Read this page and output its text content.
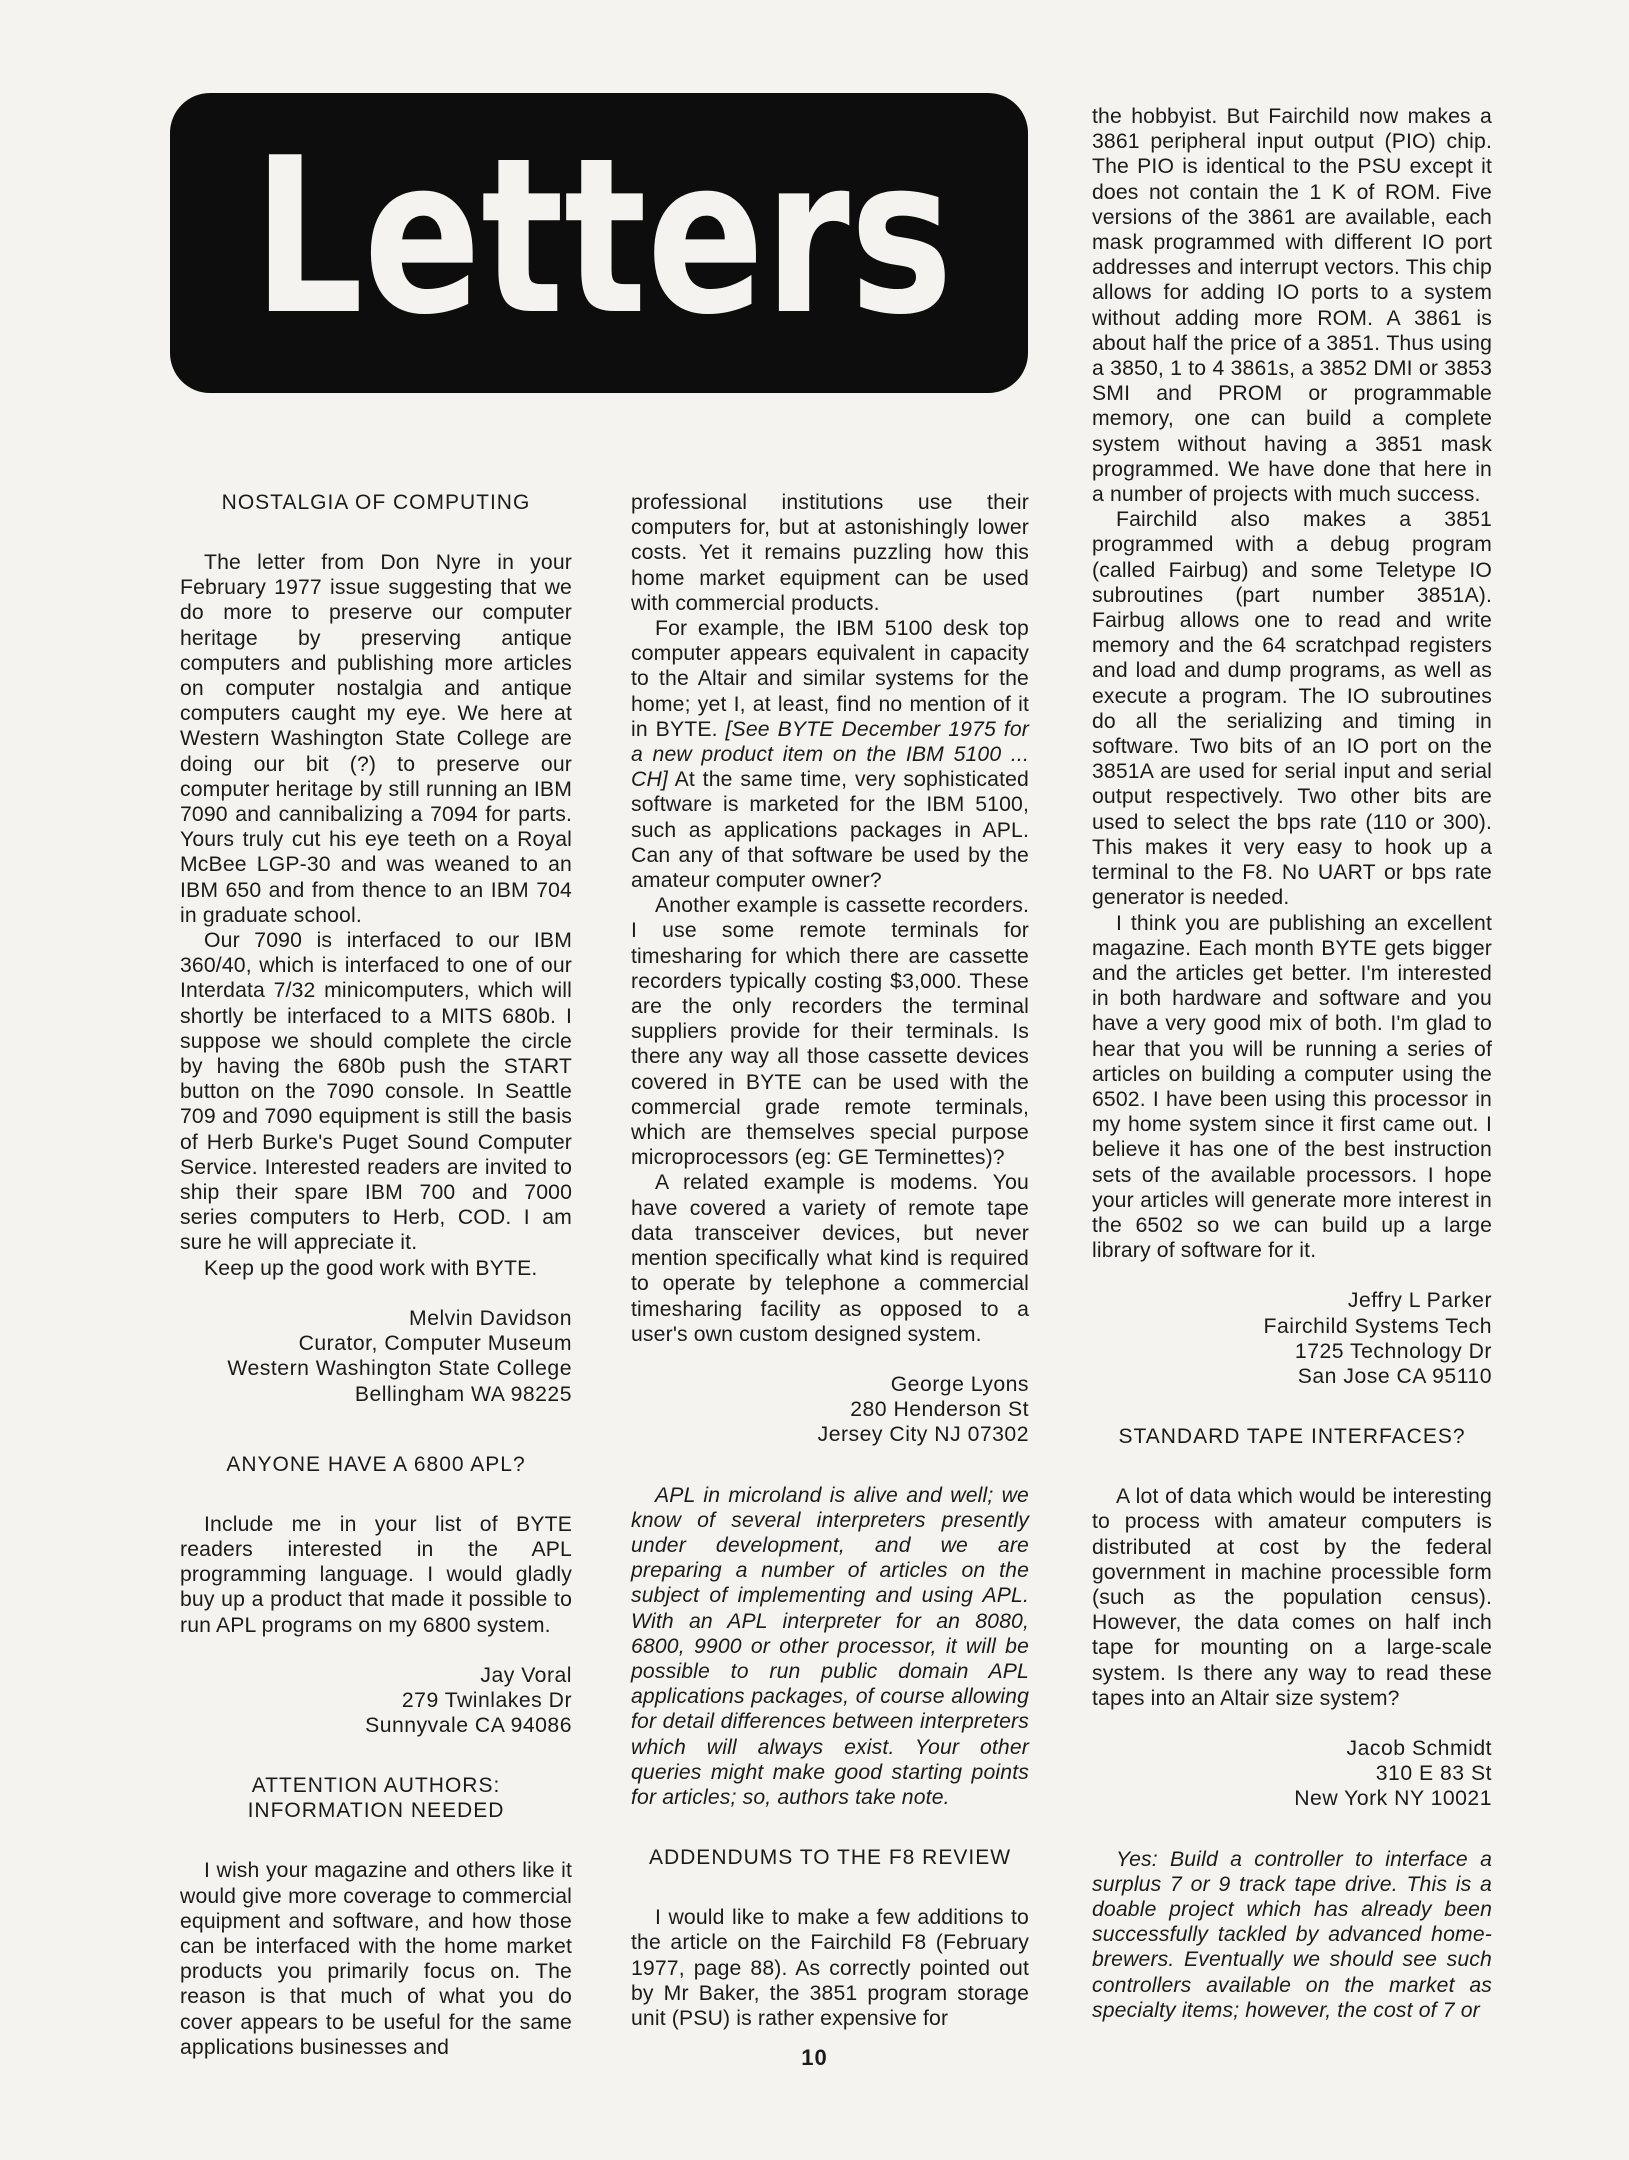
Letters

NOSTALGIA OF COMPUTING

The letter from Don Nyre in your February 1977 issue suggesting that we do more to preserve our computer heritage by preserving antique computers and publishing more articles on computer nostalgia and antique computers caught my eye. We here at Western Washington State College are doing our bit (?) to preserve our computer heritage by still running an IBM 7090 and cannibalizing a 7094 for parts. Yours truly cut his eye teeth on a Royal McBee LGP-30 and was weaned to an IBM 650 and from thence to an IBM 704 in graduate school.

Our 7090 is interfaced to our IBM 360/40, which is interfaced to one of our Interdata 7/32 minicomputers, which will shortly be interfaced to a MITS 680b. I suppose we should complete the circle by having the 680b push the START button on the 7090 console. In Seattle 709 and 7090 equipment is still the basis of Herb Burke's Puget Sound Computer Service. Interested readers are invited to ship their spare IBM 700 and 7000 series computers to Herb, COD. I am sure he will appreciate it.

Keep up the good work with BYTE.

Melvin Davidson

Curator, Computer Museum

Western Washington State College

Bellingham WA 98225

ANYONE HAVE A 6800 APL?

Include me in your list of BYTE readers interested in the APL programming language. I would gladly buy up a product that made it possible to run APL programs on my 6800 system.

Jay Voral

279 Twinlakes Dr

Sunnyvale CA 94086

ATTENTION AUTHORS:

INFORMATION NEEDED

I wish your magazine and others like it would give more coverage to commercial equipment and software, and how those can be interfaced with the home market products you primarily focus on. The reason is that much of what you do cover appears to be useful for the same applications businesses and

professional institutions use their computers for, but at astonishingly lower costs. Yet it remains puzzling how this home market equipment can be used with commercial products.

For example, the IBM 5100 desk top computer appears equivalent in capacity to the Altair and similar systems for the home; yet I, at least, find no mention of it in BYTE. [See BYTE December 1975 for a new product item on the IBM 5100 ... CH] At the same time, very sophisticated software is marketed for the IBM 5100, such as applications packages in APL. Can any of that software be used by the amateur computer owner?

Another example is cassette recorders. I use some remote terminals for timesharing for which there are cassette recorders typically costing $3,000. These are the only recorders the terminal suppliers provide for their terminals. Is there any way all those cassette devices covered in BYTE can be used with the commercial grade remote terminals, which are themselves special purpose microprocessors (eg: GE Terminettes)?

A related example is modems. You have covered a variety of remote tape data transceiver devices, but never mention specifically what kind is required to operate by telephone a commercial timesharing facility as opposed to a user's own custom designed system.

George Lyons

280 Henderson St

Jersey City NJ 07302

APL in microland is alive and well; we know of several interpreters presently under development, and we are preparing a number of articles on the subject of implementing and using APL. With an APL interpreter for an 8080, 6800, 9900 or other processor, it will be possible to run public domain APL applications packages, of course allowing for detail differences between interpreters which will always exist. Your other queries might make good starting points for articles; so, authors take note.

ADDENDUMS TO THE F8 REVIEW

I would like to make a few additions to the article on the Fairchild F8 (February 1977, page 88). As correctly pointed out by Mr Baker, the 3851 program storage unit (PSU) is rather expensive for

the hobbyist. But Fairchild now makes a 3861 peripheral input output (PIO) chip. The PIO is identical to the PSU except it does not contain the 1 K of ROM. Five versions of the 3861 are available, each mask programmed with different IO port addresses and interrupt vectors. This chip allows for adding IO ports to a system without adding more ROM. A 3861 is about half the price of a 3851. Thus using a 3850, 1 to 4 3861s, a 3852 DMI or 3853 SMI and PROM or programmable memory, one can build a complete system without having a 3851 mask programmed. We have done that here in a number of projects with much success.

Fairchild also makes a 3851 programmed with a debug program (called Fairbug) and some Teletype IO subroutines (part number 3851A). Fairbug allows one to read and write memory and the 64 scratchpad registers and load and dump programs, as well as execute a program. The IO subroutines do all the serializing and timing in software. Two bits of an IO port on the 3851A are used for serial input and serial output respectively. Two other bits are used to select the bps rate (110 or 300). This makes it very easy to hook up a terminal to the F8. No UART or bps rate generator is needed.

I think you are publishing an excellent magazine. Each month BYTE gets bigger and the articles get better. I'm interested in both hardware and software and you have a very good mix of both. I'm glad to hear that you will be running a series of articles on building a computer using the 6502. I have been using this processor in my home system since it first came out. I believe it has one of the best instruction sets of the available processors. I hope your articles will generate more interest in the 6502 so we can build up a large library of software for it.

Jeffry L Parker

Fairchild Systems Tech

1725 Technology Dr

San Jose CA 95110

STANDARD TAPE INTERFACES?

A lot of data which would be interesting to process with amateur computers is distributed at cost by the federal government in machine processible form (such as the population census). However, the data comes on half inch tape for mounting on a large-scale system. Is there any way to read these tapes into an Altair size system?

Jacob Schmidt

310 E 83 St

New York NY 10021

Yes: Build a controller to interface a surplus 7 or 9 track tape drive. This is a doable project which has already been successfully tackled by advanced home-brewers. Eventually we should see such controllers available on the market as specialty items; however, the cost of 7 or

10
